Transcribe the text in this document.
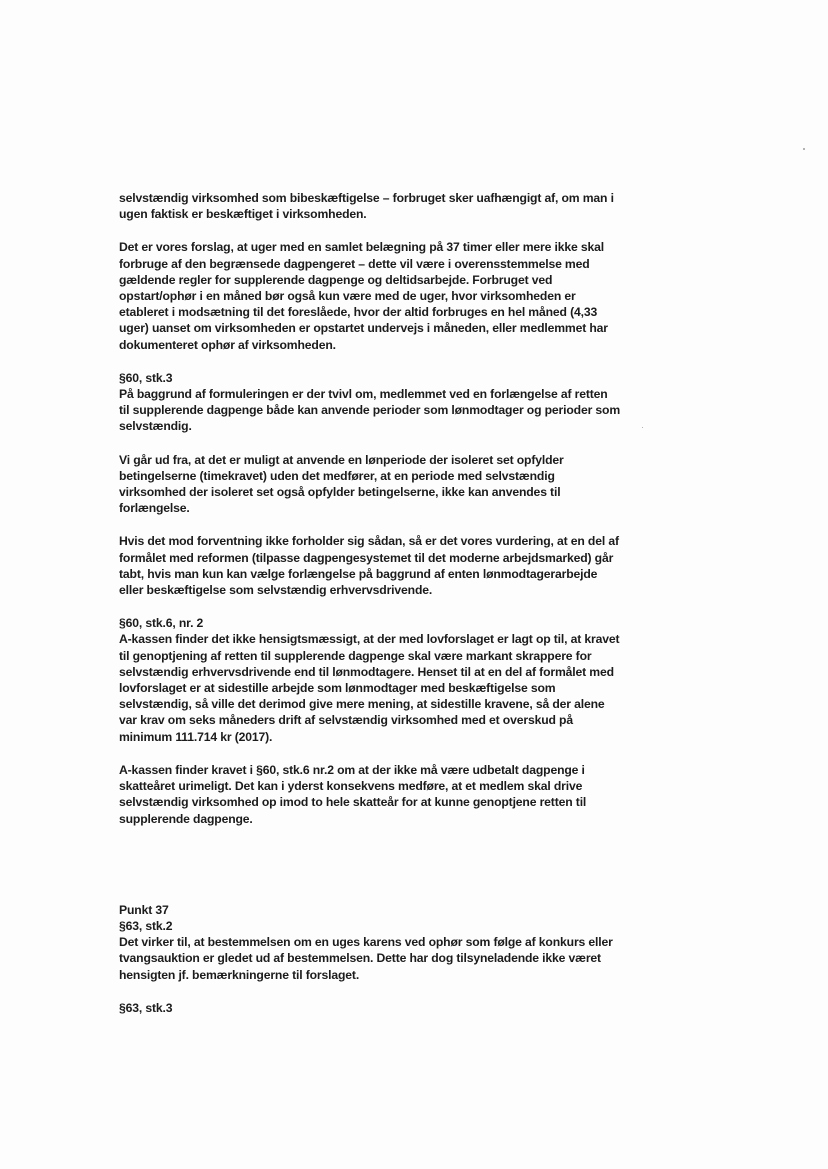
selvstændig virksomhed som bibeskæftigelse – forbruget sker uafhængigt af, om man i
ugen faktisk er beskæftiget i virksomheden.
Det er vores forslag, at uger med en samlet belægning på 37 timer eller mere ikke skal
forbruge af den begrænsede dagpengeret – dette vil være i overensstemmelse med
gældende regler for supplerende dagpenge og deltidsarbejde. Forbruget ved
opstart/ophør i en måned bør også kun være med de uger, hvor virksomheden er
etableret i modsætning til det foreslåede, hvor der altid forbruges en hel måned (4,33
uger) uanset om virksomheden er opstartet undervejs i måneden, eller medlemmet har
dokumenteret ophør af virksomheden.
§60, stk.3
På baggrund af formuleringen er der tvivl om, medlemmet ved en forlængelse af retten
til supplerende dagpenge både kan anvende perioder som lønmodtager og perioder som
selvstændig.
Vi går ud fra, at det er muligt at anvende en lønperiode der isoleret set opfylder
betingelserne (timekravet) uden det medfører, at en periode med selvstændig
virksomhed der isoleret set også opfylder betingelserne, ikke kan anvendes til
forlængelse.
Hvis det mod forventning ikke forholder sig sådan, så er det vores vurdering, at en del af
formålet med reformen (tilpasse dagpengesystemet til det moderne arbejdsmarked) går
tabt, hvis man kun kan vælge forlængelse på baggrund af enten lønmodtagerarbejde
eller beskæftigelse som selvstændig erhvervsdrivende.
§60, stk.6, nr. 2
A-kassen finder det ikke hensigtsmæssigt, at der med lovforslaget er lagt op til, at kravet
til genoptjening af retten til supplerende dagpenge skal være markant skrappere for
selvstændig erhvervsdrivende end til lønmodtagere. Henset til at en del af formålet med
lovforslaget er at sidestille arbejde som lønmodtager med beskæftigelse som
selvstændig, så ville det derimod give mere mening, at sidestille kravene, så der alene
var krav om seks måneders drift af selvstændig virksomhed med et overskud på
minimum 111.714 kr (2017).
A-kassen finder kravet i §60, stk.6 nr.2 om at der ikke må være udbetalt dagpenge i
skatteåret urimeligt. Det kan i yderst konsekvens medføre, at et medlem skal drive
selvstændig virksomhed op imod to hele skatteår for at kunne genoptjene retten til
supplerende dagpenge.
Punkt 37
§63, stk.2
Det virker til, at bestemmelsen om en uges karens ved ophør som følge af konkurs eller
tvangsauktion er gledet ud af bestemmelsen. Dette har dog tilsyneladende ikke været
hensigten jf. bemærkningerne til forslaget.
§63, stk.3
